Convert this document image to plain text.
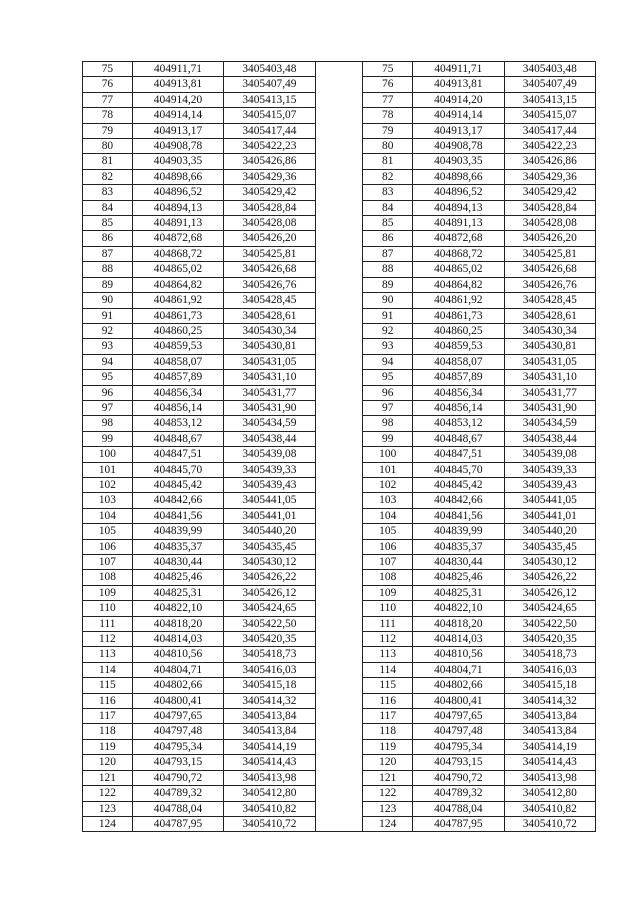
75	404911,71	3405403,48		75	404911,71	3405403,48
76	404913,81	3405407,49		76	404913,81	3405407,49
77	404914,20	3405413,15		77	404914,20	3405413,15
78	404914,14	3405415,07		78	404914,14	3405415,07
79	404913,17	3405417,44		79	404913,17	3405417,44
80	404908,78	3405422,23		80	404908,78	3405422,23
81	404903,35	3405426,86		81	404903,35	3405426,86
82	404898,66	3405429,36		82	404898,66	3405429,36
83	404896,52	3405429,42		83	404896,52	3405429,42
84	404894,13	3405428,84		84	404894,13	3405428,84
85	404891,13	3405428,08		85	404891,13	3405428,08
86	404872,68	3405426,20		86	404872,68	3405426,20
87	404868,72	3405425,81		87	404868,72	3405425,81
88	404865,02	3405426,68		88	404865,02	3405426,68
89	404864,82	3405426,76		89	404864,82	3405426,76
90	404861,92	3405428,45		90	404861,92	3405428,45
91	404861,73	3405428,61		91	404861,73	3405428,61
92	404860,25	3405430,34		92	404860,25	3405430,34
93	404859,53	3405430,81		93	404859,53	3405430,81
94	404858,07	3405431,05		94	404858,07	3405431,05
95	404857,89	3405431,10		95	404857,89	3405431,10
96	404856,34	3405431,77		96	404856,34	3405431,77
97	404856,14	3405431,90		97	404856,14	3405431,90
98	404853,12	3405434,59		98	404853,12	3405434,59
99	404848,67	3405438,44		99	404848,67	3405438,44
100	404847,51	3405439,08		100	404847,51	3405439,08
101	404845,70	3405439,33		101	404845,70	3405439,33
102	404845,42	3405439,43		102	404845,42	3405439,43
103	404842,66	3405441,05		103	404842,66	3405441,05
104	404841,56	3405441,01		104	404841,56	3405441,01
105	404839,99	3405440,20		105	404839,99	3405440,20
106	404835,37	3405435,45		106	404835,37	3405435,45
107	404830,44	3405430,12		107	404830,44	3405430,12
108	404825,46	3405426,22		108	404825,46	3405426,22
109	404825,31	3405426,12		109	404825,31	3405426,12
110	404822,10	3405424,65		110	404822,10	3405424,65
111	404818,20	3405422,50		111	404818,20	3405422,50
112	404814,03	3405420,35		112	404814,03	3405420,35
113	404810,56	3405418,73		113	404810,56	3405418,73
114	404804,71	3405416,03		114	404804,71	3405416,03
115	404802,66	3405415,18		115	404802,66	3405415,18
116	404800,41	3405414,32		116	404800,41	3405414,32
117	404797,65	3405413,84		117	404797,65	3405413,84
118	404797,48	3405413,84		118	404797,48	3405413,84
119	404795,34	3405414,19		119	404795,34	3405414,19
120	404793,15	3405414,43		120	404793,15	3405414,43
121	404790,72	3405413,98		121	404790,72	3405413,98
122	404789,32	3405412,80		122	404789,32	3405412,80
123	404788,04	3405410,82		123	404788,04	3405410,82
124	404787,95	3405410,72		124	404787,95	3405410,72
